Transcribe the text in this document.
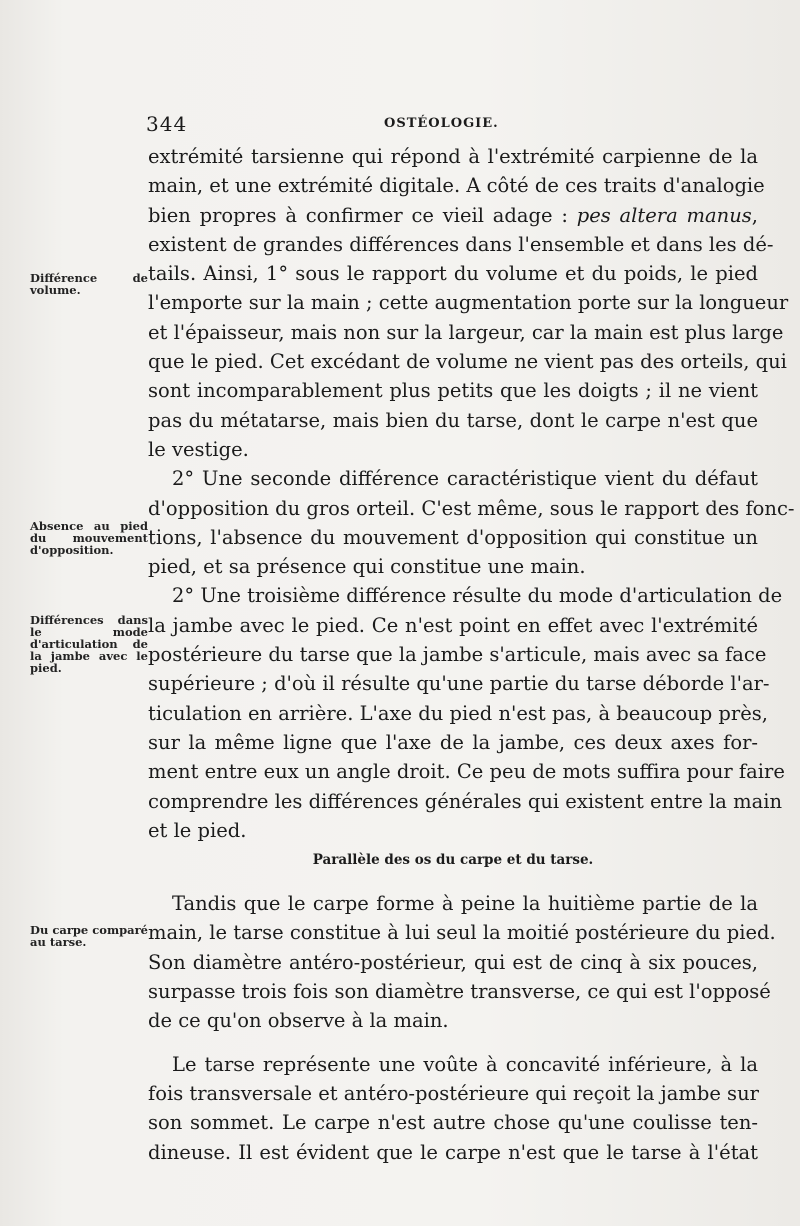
344	OSTÉOLOGIE.
Différence de volume.
Absence au pied du mouvement d'opposition.
Différences dans le mode d'articulation de la jambe avec le pied.
Du carpe comparé au tarse.
extrémité tarsienne qui répond à l'extrémité carpienne de la
main, et une extrémité digitale. A côté de ces traits d'analogie
bien propres à confirmer ce vieil adage : pes altera manus,
existent de grandes différences dans l'ensemble et dans les dé-
tails. Ainsi, 1° sous le rapport du volume et du poids, le pied
l'emporte sur la main ; cette augmentation porte sur la longueur
et l'épaisseur, mais non sur la largeur, car la main est plus large
que le pied. Cet excédant de volume ne vient pas des orteils, qui
sont incomparablement plus petits que les doigts ; il ne vient
pas du métatarse, mais bien du tarse, dont le carpe n'est que
le vestige.
2° Une seconde différence caractéristique vient du défaut
d'opposition du gros orteil. C'est même, sous le rapport des fonc-
tions, l'absence du mouvement d'opposition qui constitue un
pied, et sa présence qui constitue une main.
2° Une troisième différence résulte du mode d'articulation de
la jambe avec le pied. Ce n'est point en effet avec l'extrémité
postérieure du tarse que la jambe s'articule, mais avec sa face
supérieure ; d'où il résulte qu'une partie du tarse déborde l'ar-
ticulation en arrière. L'axe du pied n'est pas, à beaucoup près,
sur la même ligne que l'axe de la jambe, ces deux axes for-
ment entre eux un angle droit. Ce peu de mots suffira pour faire
comprendre les différences générales qui existent entre la main
et le pied.
Parallèle des os du carpe et du tarse.
Tandis que le carpe forme à peine la huitième partie de la
main, le tarse constitue à lui seul la moitié postérieure du pied.
Son diamètre antéro-postérieur, qui est de cinq à six pouces,
surpasse trois fois son diamètre transverse, ce qui est l'opposé
de ce qu'on observe à la main.
Le tarse représente une voûte à concavité inférieure, à la
fois transversale et antéro-postérieure qui reçoit la jambe sur
son sommet. Le carpe n'est autre chose qu'une coulisse ten-
dineuse. Il est évident que le carpe n'est que le tarse à l'état
